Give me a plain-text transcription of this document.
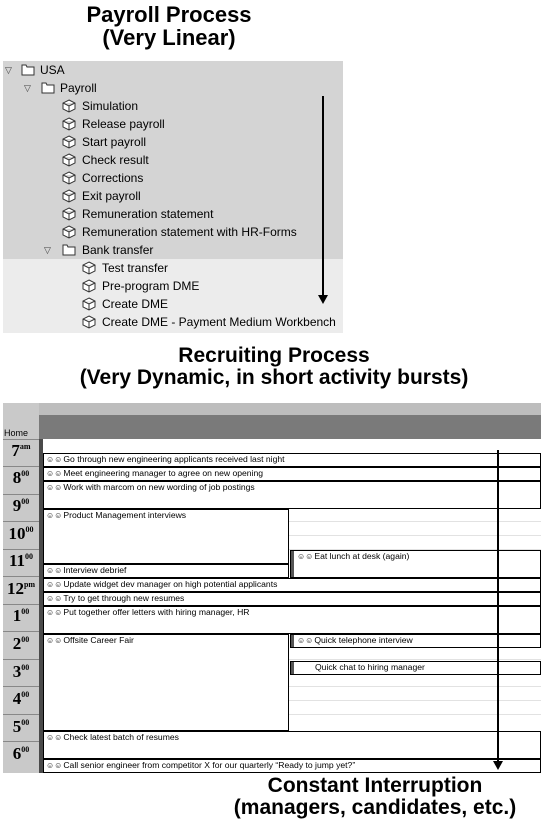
Payroll Process
(Very Linear)
▽ USA
▽ Payroll
Simulation
Release payroll
Start payroll
Check result
Corrections
Exit payroll
Remuneration statement
Remuneration statement with HR-Forms
▽	Bank transfer
Test transfer
Pre-program DME
Create DME
Create DME - Payment Medium Workbench
Recruiting Process
(Very Dynamic, in short activity bursts)
Home
$7^{am}$
$8^{00}$
$9^{00}$
$10^{00}$
$11^{00}$
$12^{pm}$
$1^{00}$
$2^{00}$
$3^{00}$
$4^{00}$
$5^{00}$
$6^{00}$
☺☺Go through new engineering applicants received last night
☺☺Meet engineering manager to agree on new opening
☺☺Work with marcom on new wording of job postings
☺☺Product Management interviews
☺☺Eat lunch at desk (again)
☺☺Interview debrief
☺☺Update widget dev manager on high potential applicants
☺☺Try to get through new resumes
☺☺Put together offer letters with hiring manager, HR
☺☺Offsite Career Fair	☺☺Quick telephone interview
Quick chat to hiring manager
☺☺Check latest batch of resumes
☺☺Call senior engineer from competitor X for our quarterly “Ready to jump yet?”
Constant Interruption
(managers, candidates, etc.)
